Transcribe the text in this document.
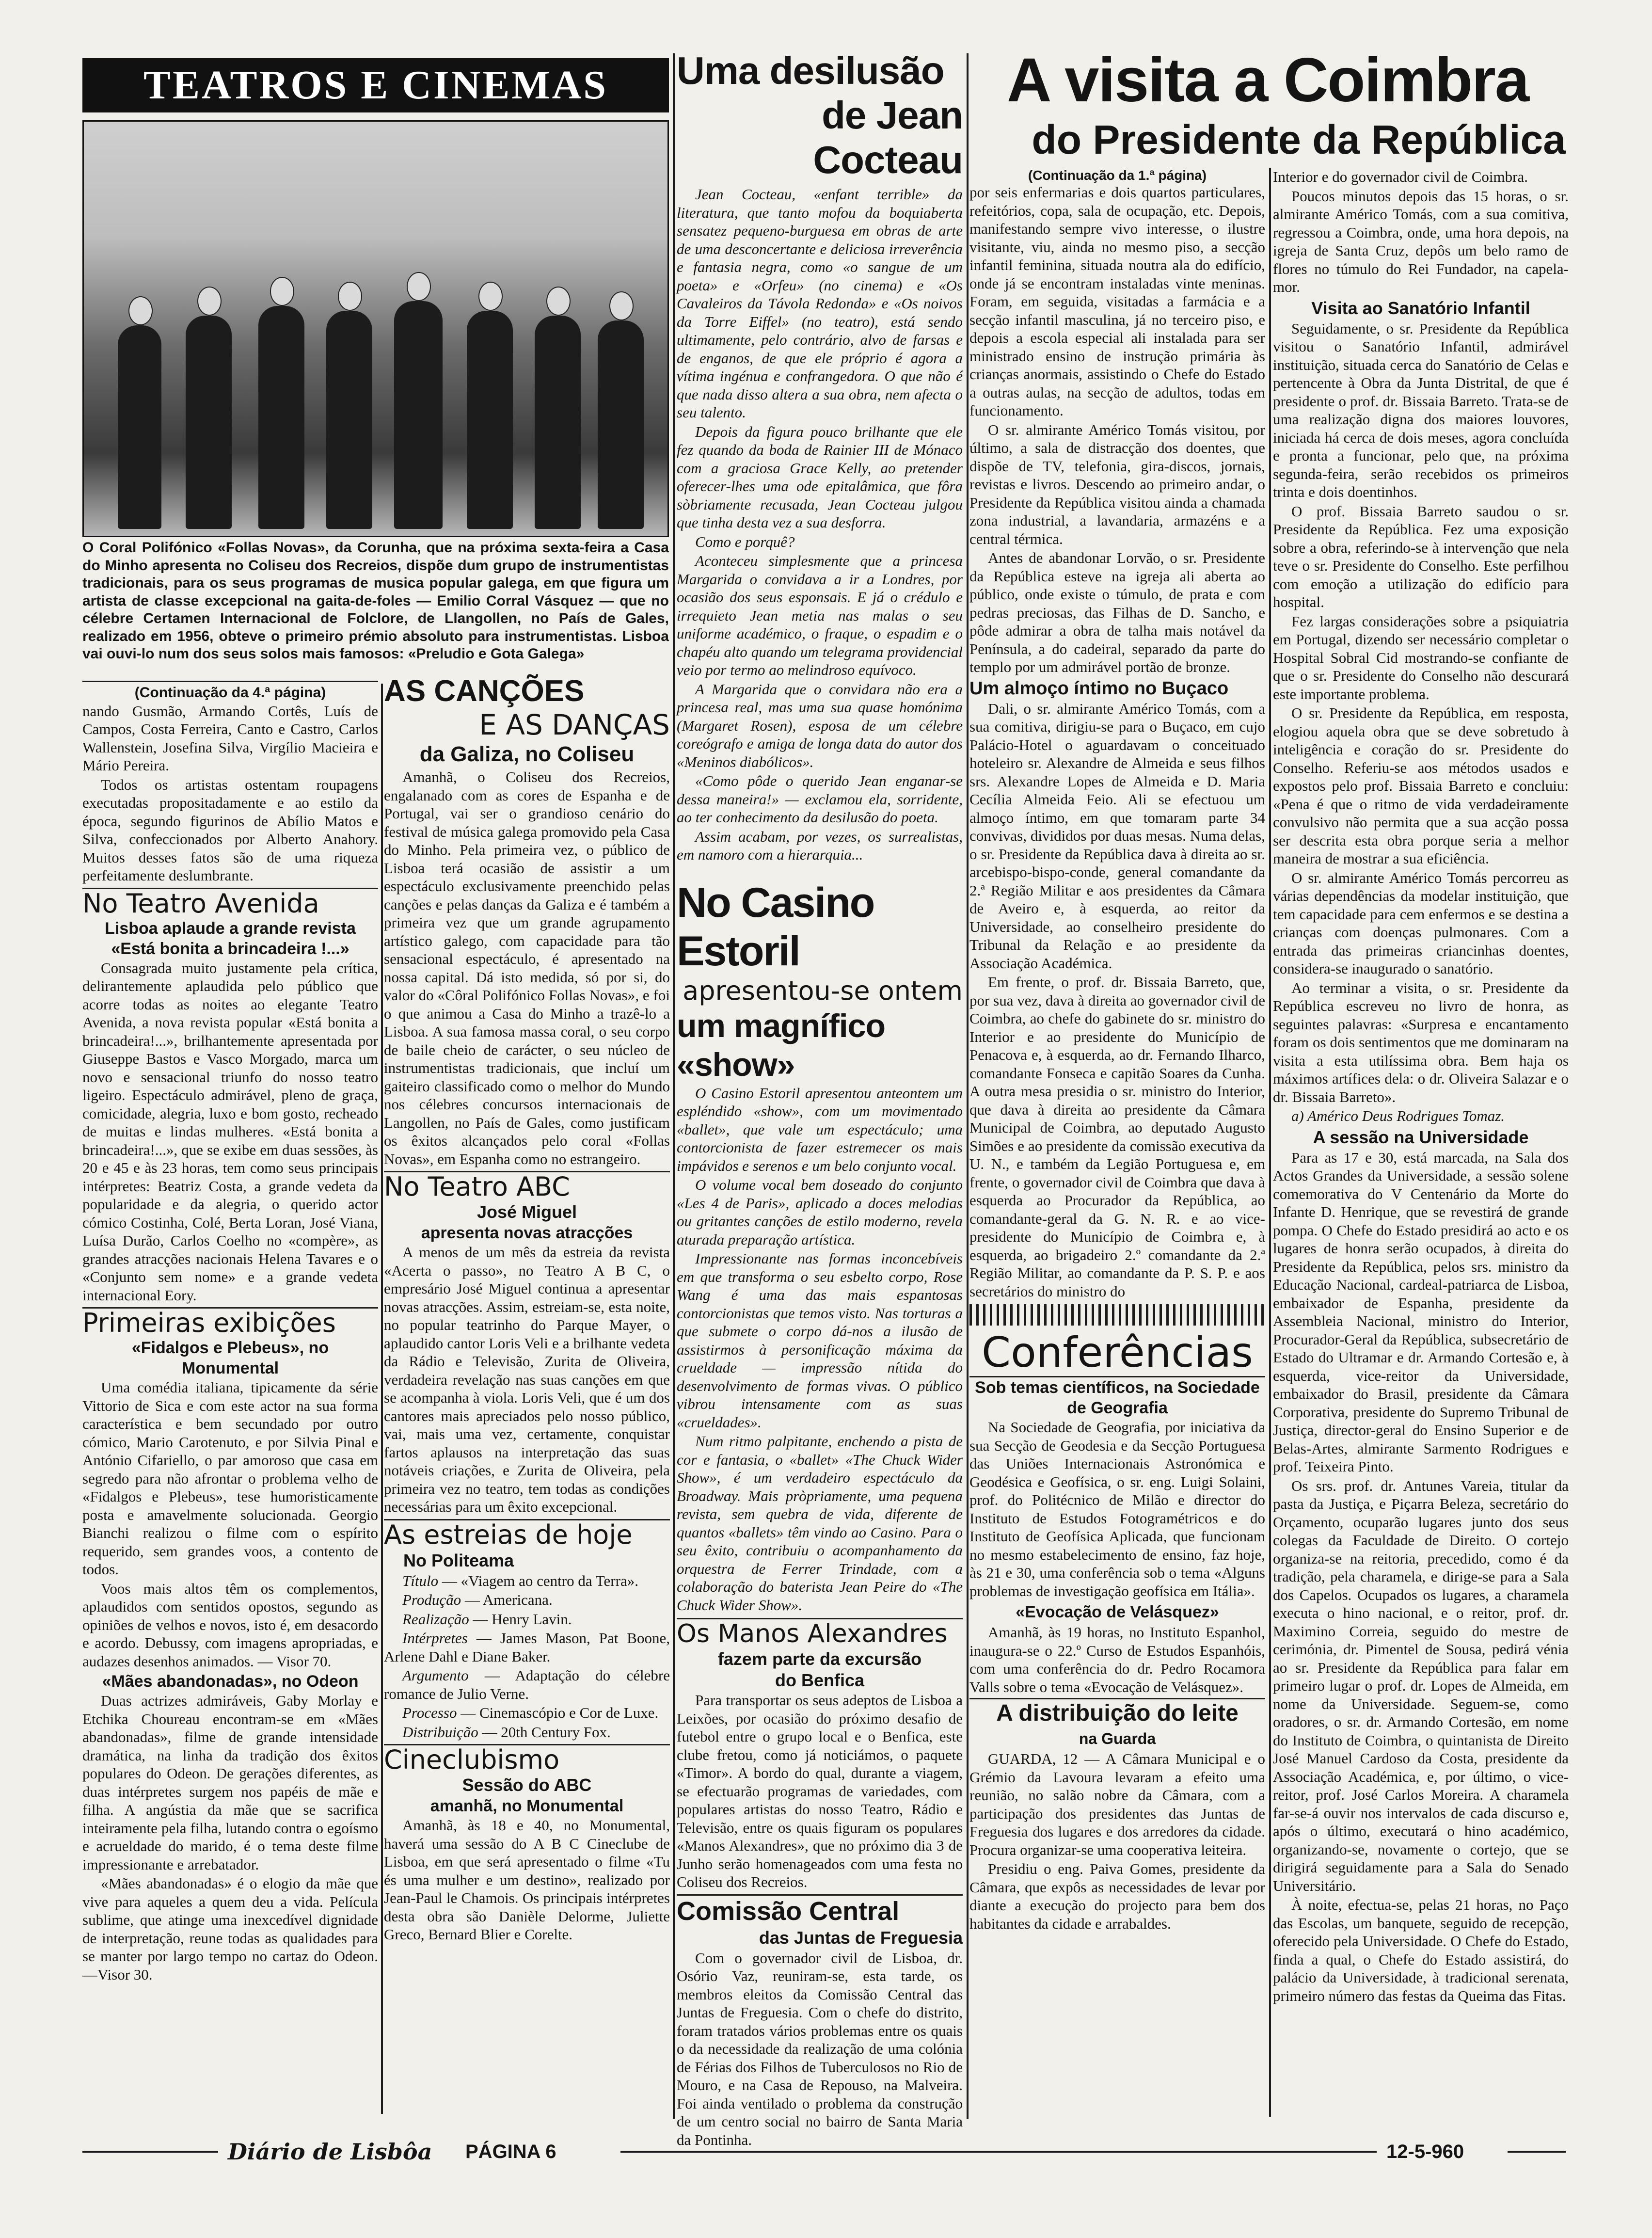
TEATROS E CINEMAS
O Coral Polifónico «Follas Novas», da Corunha, que na próxima sexta-feira a Casa do Minho apresenta no Coliseu dos Recreios, dispõe dum grupo de instrumentistas tradicionais, para os seus programas de musica popular galega, em que figura um artista de classe excepcional na gaita-de-foles — Emilio Corral Vásquez — que no célebre Certamen Internacional de Folclore, de Llangollen, no País de Gales, realizado em 1956, obteve o primeiro prémio absoluto para instrumentistas. Lisboa vai ouvi-lo num dos seus solos mais famosos: «Preludio e Gota Galega»
(Continuação da 4.ª página)

nando Gusmão, Armando Cortês, Luís de Campos, Costa Ferreira, Canto e Castro, Carlos Wallenstein, Josefina Silva, Virgílio Macieira e Mário Pereira.

Todos os artistas ostentam roupagens executadas propositadamente e ao estilo da época, segundo figurinos de Abílio Matos e Silva, confeccionados por Alberto Anahory. Muitos desses fatos são de uma riqueza perfeitamente deslumbrante.

No Teatro Avenida
Lisboa aplaude a grande revista «Está bonita a brincadeira !...»

Consagrada muito justamente pela crítica, delirantemente aplaudida pelo público que acorre todas as noites ao elegante Teatro Avenida, a nova revista popular «Está bonita a brincadeira!...», brilhantemente apresentada por Giuseppe Bastos e Vasco Morgado, marca um novo e sensacional triunfo do nosso teatro ligeiro. Espectáculo admirável, pleno de graça, comicidade, alegria, luxo e bom gosto, recheado de muitas e lindas mulheres. «Está bonita a brincadeira!...», que se exibe em duas sessões, às 20 e 45 e às 23 horas, tem como seus principais intérpretes: Beatriz Costa, a grande vedeta da popularidade e da alegria, o querido actor cómico Costinha, Colé, Berta Loran, José Viana, Luísa Durão, Carlos Coelho no «compère», as grandes atracções nacionais Helena Tavares e o «Conjunto sem nome» e a grande vedeta internacional Eory.

Primeiras exibições
«Fidalgos e Plebeus», no Monumental

Uma comédia italiana, tipicamente da série Vittorio de Sica e com este actor na sua forma característica e bem secundado por outro cómico, Mario Carotenuto, e por Silvia Pinal e António Cifariello, o par amoroso que casa em segredo para não afrontar o problema velho de «Fidalgos e Plebeus», tese humoristicamente posta e amavelmente solucionada. Georgio Bianchi realizou o filme com o espírito requerido, sem grandes voos, a contento de todos.

Voos mais altos têm os complementos, aplaudidos com sentidos opostos, segundo as opiniões de velhos e novos, isto é, em desacordo e acordo. Debussy, com imagens apropriadas, e audazes desenhos animados. — Visor 70.

«Mães abandonadas», no Odeon

Duas actrizes admiráveis, Gaby Morlay e Etchika Choureau encontram-se em «Mães abandonadas», filme de grande intensidade dramática, na linha da tradição dos êxitos populares do Odeon. De gerações diferentes, as duas intérpretes surgem nos papéis de mãe e filha. A angústia da mãe que se sacrifica inteiramente pela filha, lutando contra o egoísmo e acrueldade do marido, é o tema deste filme impressionante e arrebatador.

«Mães abandonadas» é o elogio da mãe que vive para aqueles a quem deu a vida. Película sublime, que atinge uma inexcedível dignidade de interpretação, reune todas as qualidades para se manter por largo tempo no cartaz do Odeon.—Visor 30.

AS CANÇÕES
E AS DANÇAS
da Galiza, no Coliseu

Amanhã, o Coliseu dos Recreios, engalanado com as cores de Espanha e de Portugal, vai ser o grandioso cenário do festival de música galega promovido pela Casa do Minho. Pela primeira vez, o público de Lisboa terá ocasião de assistir a um espectáculo exclusivamente preenchido pelas canções e pelas danças da Galiza e é também a primeira vez que um grande agrupamento artístico galego, com capacidade para tão sensacional espectáculo, é apresentado na nossa capital. Dá isto medida, só por si, do valor do «Côral Polifónico Follas Novas», e foi o que animou a Casa do Minho a trazê-lo a Lisboa. A sua famosa massa coral, o seu corpo de baile cheio de carácter, o seu núcleo de instrumentistas tradicionais, que incluí um gaiteiro classificado como o melhor do Mundo nos célebres concursos internacionais de Langollen, no País de Gales, como justificam os êxitos alcançados pelo coral «Follas Novas», em Espanha como no estrangeiro.

No Teatro ABC
José Miguel
apresenta novas atracções

A menos de um mês da estreia da revista «Acerta o passo», no Teatro A B C, o empresário José Miguel continua a apresentar novas atracções. Assim, estreiam-se, esta noite, no popular teatrinho do Parque Mayer, o aplaudido cantor Loris Veli e a brilhante vedeta da Rádio e Televisão, Zurita de Oliveira, verdadeira revelação nas suas canções em que se acompanha à viola. Loris Veli, que é um dos cantores mais apreciados pelo nosso público, vai, mais uma vez, certamente, conquistar fartos aplausos na interpretação das suas notáveis criações, e Zurita de Oliveira, pela primeira vez no teatro, tem todas as condições necessárias para um êxito excepcional.

As estreias de hoje
No Politeama

Título — «Viagem ao centro da Terra».

Produção — Americana.

Realização — Henry Lavin.

Intérpretes — James Mason, Pat Boone, Arlene Dahl e Diane Baker.

Argumento — Adaptação do célebre romance de Julio Verne.

Processo — Cinemascópio e Cor de Luxe.

Distribuição — 20th Century Fox.

Cineclubismo
Sessão do ABC
amanhã, no Monumental

Amanhã, às 18 e 40, no Monumental, haverá uma sessão do A B C Cineclube de Lisboa, em que será apresentado o filme «Tu és uma mulher e um destino», realizado por Jean-Paul le Chamois. Os principais intérpretes desta obra são Danièle Delorme, Juliette Greco, Bernard Blier e Corelte.

Uma desilusão
de Jean Cocteau

Jean Cocteau, «enfant terrible» da literatura, que tanto mofou da boquiaberta sensatez pequeno-burguesa em obras de arte de uma desconcertante e deliciosa irreverência e fantasia negra, como «o sangue de um poeta» e «Orfeu» (no cinema) e «Os Cavaleiros da Távola Redonda» e «Os noivos da Torre Eiffel» (no teatro), está sendo ultimamente, pelo contrário, alvo de farsas e de enganos, de que ele próprio é agora a vítima ingénua e confrangedora. O que não é que nada disso altera a sua obra, nem afecta o seu talento.

Depois da figura pouco brilhante que ele fez quando da boda de Rainier III de Mónaco com a graciosa Grace Kelly, ao pretender oferecer-lhes uma ode epitalâmica, que fôra sòbriamente recusada, Jean Cocteau julgou que tinha desta vez a sua desforra.

Como e porquê?

Aconteceu simplesmente que a princesa Margarida o convidava a ir a Londres, por ocasião dos seus esponsais. E já o crédulo e irrequieto Jean metia nas malas o seu uniforme académico, o fraque, o espadim e o chapéu alto quando um telegrama providencial veio por termo ao melindroso equívoco.

A Margarida que o convidara não era a princesa real, mas uma sua quase homónima (Margaret Rosen), esposa de um célebre coreógrafo e amiga de longa data do autor dos «Meninos diabólicos».

«Como pôde o querido Jean enganar-se dessa maneira!» — exclamou ela, sorridente, ao ter conhecimento da desilusão do poeta.

Assim acabam, por vezes, os surrealistas, em namoro com a hierarquia...

No Casino Estoril
apresentou-se ontem
um magnífico «show»

O Casino Estoril apresentou anteontem um espléndido «show», com um movimentado «ballet», que vale um espectáculo; uma contorcionista de fazer estremecer os mais impávidos e serenos e um belo conjunto vocal.

O volume vocal bem doseado do conjunto «Les 4 de Paris», aplicado a doces melodias ou gritantes canções de estilo moderno, revela aturada preparação artística.

Impressionante nas formas inconcebíveis em que transforma o seu esbelto corpo, Rose Wang é uma das mais espantosas contorcionistas que temos visto. Nas torturas a que submete o corpo dá-nos a ilusão de assistirmos à personificação máxima da crueldade — impressão nítida do desenvolvimento de formas vivas. O público vibrou intensamente com as suas «crueldades».

Num ritmo palpitante, enchendo a pista de cor e fantasia, o «ballet» «The Chuck Wider Show», é um verdadeiro espectáculo da Broadway. Mais pròpriamente, uma pequena revista, sem quebra de vida, diferente de quantos «ballets» têm vindo ao Casino. Para o seu êxito, contribuiu o acompanhamento da orquestra de Ferrer Trindade, com a colaboração do baterista Jean Peire do «The Chuck Wider Show».

Os Manos Alexandres
fazem parte da excursão
do Benfica

Para transportar os seus adeptos de Lisboa a Leixões, por ocasião do próximo desafio de futebol entre o grupo local e o Benfica, este clube fretou, como já noticiámos, o paquete «Timor». A bordo do qual, durante a viagem, se efectuarão programas de variedades, com populares artistas do nosso Teatro, Rádio e Televisão, entre os quais figuram os populares «Manos Alexandres», que no próximo dia 3 de Junho serão homenageados com uma festa no Coliseu dos Recreios.

Comissão Central
das Juntas de Freguesia

Com o governador civil de Lisboa, dr. Osório Vaz, reuniram-se, esta tarde, os membros eleitos da Comissão Central das Juntas de Freguesia. Com o chefe do distrito, foram tratados vários problemas entre os quais o da necessidade da realização de uma colónia de Férias dos Filhos de Tuberculosos no Rio de Mouro, e na Casa de Repouso, na Malveira. Foi ainda ventilado o problema da construção de um centro social no bairro de Santa Maria da Pontinha.

A visita a Coimbra
do Presidente da República
(Continuação da 1.ª página)

por seis enfermarias e dois quartos particulares, refeitórios, copa, sala de ocupação, etc. Depois, manifestando sempre vivo interesse, o ilustre visitante, viu, ainda no mesmo piso, a secção infantil feminina, situada noutra ala do edifício, onde já se encontram instaladas vinte meninas. Foram, em seguida, visitadas a farmácia e a secção infantil masculina, já no terceiro piso, e depois a escola especial ali instalada para ser ministrado ensino de instrução primária às crianças anormais, assistindo o Chefe do Estado a outras aulas, na secção de adultos, todas em funcionamento.

O sr. almirante Américo Tomás visitou, por último, a sala de distracção dos doentes, que dispõe de TV, telefonia, gira-discos, jornais, revistas e livros. Descendo ao primeiro andar, o Presidente da República visitou ainda a chamada zona industrial, a lavandaria, armazéns e a central térmica.

Antes de abandonar Lorvão, o sr. Presidente da República esteve na igreja ali aberta ao público, onde existe o túmulo, de prata e com pedras preciosas, das Filhas de D. Sancho, e pôde admirar a obra de talha mais notável da Península, a do cadeiral, separado da parte do templo por um admirável portão de bronze.

Um almoço íntimo no Buçaco

Dali, o sr. almirante Américo Tomás, com a sua comitiva, dirigiu-se para o Buçaco, em cujo Palácio-Hotel o aguardavam o conceituado hoteleiro sr. Alexandre de Almeida e seus filhos srs. Alexandre Lopes de Almeida e D. Maria Cecília Almeida Feio. Ali se efectuou um almoço íntimo, em que tomaram parte 34 convivas, divididos por duas mesas. Numa delas, o sr. Presidente da República dava à direita ao sr. arcebispo-bispo-conde, general comandante da 2.ª Região Militar e aos presidentes da Câmara de Aveiro e, à esquerda, ao reitor da Universidade, ao conselheiro presidente do Tribunal da Relação e ao presidente da Associação Académica.

Em frente, o prof. dr. Bissaia Barreto, que, por sua vez, dava à direita ao governador civil de Coimbra, ao chefe do gabinete do sr. ministro do Interior e ao presidente do Município de Penacova e, à esquerda, ao dr. Fernando Ilharco, comandante Fonseca e capitão Soares da Cunha. A outra mesa presidia o sr. ministro do Interior, que dava à direita ao presidente da Câmara Municipal de Coimbra, ao deputado Augusto Simões e ao presidente da comissão executiva da U. N., e também da Legião Portuguesa e, em frente, o governador civil de Coimbra que dava à esquerda ao Procurador da República, ao comandante-geral da G. N. R. e ao vice-presidente do Município de Coimbra e, à esquerda, ao brigadeiro 2.º comandante da 2.ª Região Militar, ao comandante da P. S. P. e aos secretários do ministro do

Conferências
Sob temas científicos, na Sociedade de Geografia

Na Sociedade de Geografia, por iniciativa da sua Secção de Geodesia e da Secção Portuguesa das Uniões Internacionais Astronómica e Geodésica e Geofísica, o sr. eng. Luigi Solaini, prof. do Politécnico de Milão e director do Instituto de Estudos Fotogramétricos e do Instituto de Geofísica Aplicada, que funcionam no mesmo estabelecimento de ensino, faz hoje, às 21 e 30, uma conferência sob o tema «Alguns problemas de investigação geofísica em Itália».

«Evocação de Velásquez»

Amanhã, às 19 horas, no Instituto Espanhol, inaugura-se o 22.º Curso de Estudos Espanhóis, com uma conferência do dr. Pedro Rocamora Valls sobre o tema «Evocação de Velásquez».

A distribuição do leite
na Guarda

GUARDA, 12 — A Câmara Municipal e o Grémio da Lavoura levaram a efeito uma reunião, no salão nobre da Câmara, com a participação dos presidentes das Juntas de Freguesia dos lugares e dos arredores da cidade. Procura organizar-se uma cooperativa leiteira.

Presidiu o eng. Paiva Gomes, presidente da Câmara, que expôs as necessidades de levar por diante a execução do projecto para bem dos habitantes da cidade e arrabaldes.

Interior e do governador civil de Coimbra.

Poucos minutos depois das 15 horas, o sr. almirante Américo Tomás, com a sua comitiva, regressou a Coimbra, onde, uma hora depois, na igreja de Santa Cruz, depôs um belo ramo de flores no túmulo do Rei Fundador, na capela-mor.

Visita ao Sanatório Infantil

Seguidamente, o sr. Presidente da República visitou o Sanatório Infantil, admirável instituição, situada cerca do Sanatório de Celas e pertencente à Obra da Junta Distrital, de que é presidente o prof. dr. Bissaia Barreto. Trata-se de uma realização digna dos maiores louvores, iniciada há cerca de dois meses, agora concluída e pronta a funcionar, pelo que, na próxima segunda-feira, serão recebidos os primeiros trinta e dois doentinhos.

O prof. Bissaia Barreto saudou o sr. Presidente da República. Fez uma exposição sobre a obra, referindo-se à intervenção que nela teve o sr. Presidente do Conselho. Este perfilhou com emoção a utilização do edifício para hospital.

Fez largas considerações sobre a psiquiatria em Portugal, dizendo ser necessário completar o Hospital Sobral Cid mostrando-se confiante de que o sr. Presidente do Conselho não descurará este importante problema.

O sr. Presidente da República, em resposta, elogiou aquela obra que se deve sobretudo à inteligência e coração do sr. Presidente do Conselho. Referiu-se aos métodos usados e expostos pelo prof. Bissaia Barreto e concluiu: «Pena é que o ritmo de vida verdadeiramente convulsivo não permita que a sua acção possa ser descrita esta obra porque seria a melhor maneira de mostrar a sua eficiência.

O sr. almirante Américo Tomás percorreu as várias dependências da modelar instituição, que tem capacidade para cem enfermos e se destina a crianças com doenças pulmonares. Com a entrada das primeiras criancinhas doentes, considera-se inaugurado o sanatório.

Ao terminar a visita, o sr. Presidente da República escreveu no livro de honra, as seguintes palavras: «Surpresa e encantamento foram os dois sentimentos que me dominaram na visita a esta utilíssima obra. Bem haja os máximos artífices dela: o dr. Oliveira Salazar e o dr. Bissaia Barreto».

a) Américo Deus Rodrigues Tomaz.

A sessão na Universidade

Para as 17 e 30, está marcada, na Sala dos Actos Grandes da Universidade, a sessão solene comemorativa do V Centenário da Morte do Infante D. Henrique, que se revestirá de grande pompa. O Chefe do Estado presidirá ao acto e os lugares de honra serão ocupados, à direita do Presidente da República, pelos srs. ministro da Educação Nacional, cardeal-patriarca de Lisboa, embaixador de Espanha, presidente da Assembleia Nacional, ministro do Interior, Procurador-Geral da República, subsecretário de Estado do Ultramar e dr. Armando Cortesão e, à esquerda, vice-reitor da Universidade, embaixador do Brasil, presidente da Câmara Corporativa, presidente do Supremo Tribunal de Justiça, director-geral do Ensino Superior e de Belas-Artes, almirante Sarmento Rodrigues e prof. Teixeira Pinto.

Os srs. prof. dr. Antunes Vareia, titular da pasta da Justiça, e Piçarra Beleza, secretário do Orçamento, ocuparão lugares junto dos seus colegas da Faculdade de Direito. O cortejo organiza-se na reitoria, precedido, como é da tradição, pela charamela, e dirige-se para a Sala dos Capelos. Ocupados os lugares, a charamela executa o hino nacional, e o reitor, prof. dr. Maximino Correia, seguido do mestre de cerimónia, dr. Pimentel de Sousa, pedirá vénia ao sr. Presidente da República para falar em primeiro lugar o prof. dr. Lopes de Almeida, em nome da Universidade. Seguem-se, como oradores, o sr. dr. Armando Cortesão, em nome do Instituto de Coimbra, o quintanista de Direito José Manuel Cardoso da Costa, presidente da Associação Académica, e, por último, o vice-reitor, prof. José Carlos Moreira. A charamela far-se-á ouvir nos intervalos de cada discurso e, após o último, executará o hino académico, organizando-se, novamente o cortejo, que se dirigirá seguidamente para a Sala do Senado Universitário.

À noite, efectua-se, pelas 21 horas, no Paço das Escolas, um banquete, seguido de recepção, oferecido pela Universidade. O Chefe do Estado, finda a qual, o Chefe do Estado assistirá, do palácio da Universidade, à tradicional serenata, primeiro número das festas da Queima das Fitas.

Diário de Lisbôa	PÁGINA 6	12-5-960
